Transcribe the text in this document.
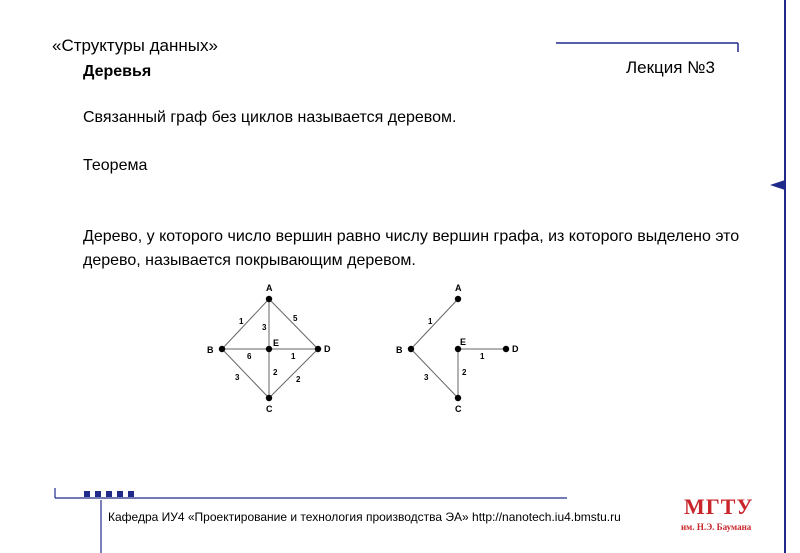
«Структуры данных»
Лекция №3
Деревья
Связанный граф без циклов называется деревом.
Теорема
Дерево, у которого число вершин равно числу вершин графа, из которого выделено это дерево, называется покрывающим деревом.
A
B
C
D
E
1
3
5
6	1
3
2
2
A
B
C
D
E
1
1
3
2
Кафедра ИУ4 «Проектирование и технология производства ЭА» http://nanotech.iu4.bmstu.ru	МГТУ
им. Н.Э. Баумана
